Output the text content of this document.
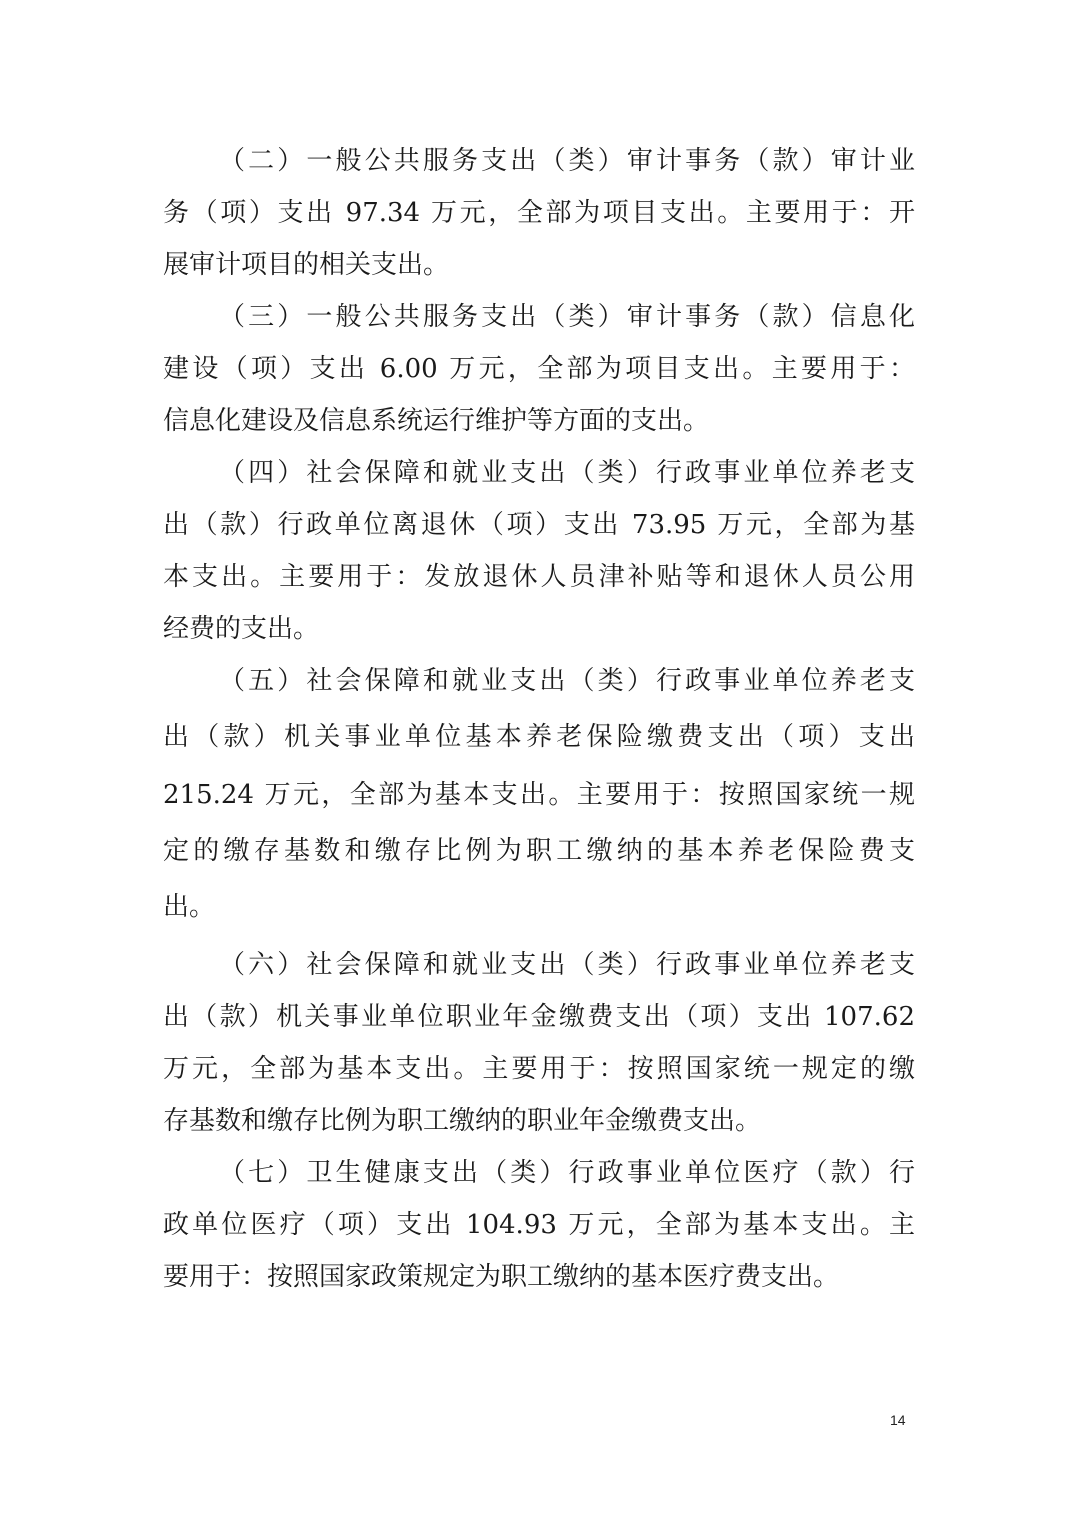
（二）一般公共服务支出（类）审计事务（款）审计业
务（项）支出 97.34 万元，全部为项目支出。主要用于：开
展审计项目的相关支出。
（三）一般公共服务支出（类）审计事务（款）信息化
建设（项）支出 6.00 万元，全部为项目支出。主要用于：
信息化建设及信息系统运行维护等方面的支出。
（四）社会保障和就业支出（类）行政事业单位养老支
出（款）行政单位离退休（项）支出 73.95 万元，全部为基
本支出。主要用于：发放退休人员津补贴等和退休人员公用
经费的支出。
（五）社会保障和就业支出（类）行政事业单位养老支
出（款）机关事业单位基本养老保险缴费支出（项）支出
215.24 万元，全部为基本支出。主要用于：按照国家统一规
定的缴存基数和缴存比例为职工缴纳的基本养老保险费支
出。
（六）社会保障和就业支出（类）行政事业单位养老支
出（款）机关事业单位职业年金缴费支出（项）支出 107.62
万元，全部为基本支出。主要用于：按照国家统一规定的缴
存基数和缴存比例为职工缴纳的职业年金缴费支出。
（七）卫生健康支出（类）行政事业单位医疗（款）行
政单位医疗（项）支出 104.93 万元，全部为基本支出。主
要用于：按照国家政策规定为职工缴纳的基本医疗费支出。
14
